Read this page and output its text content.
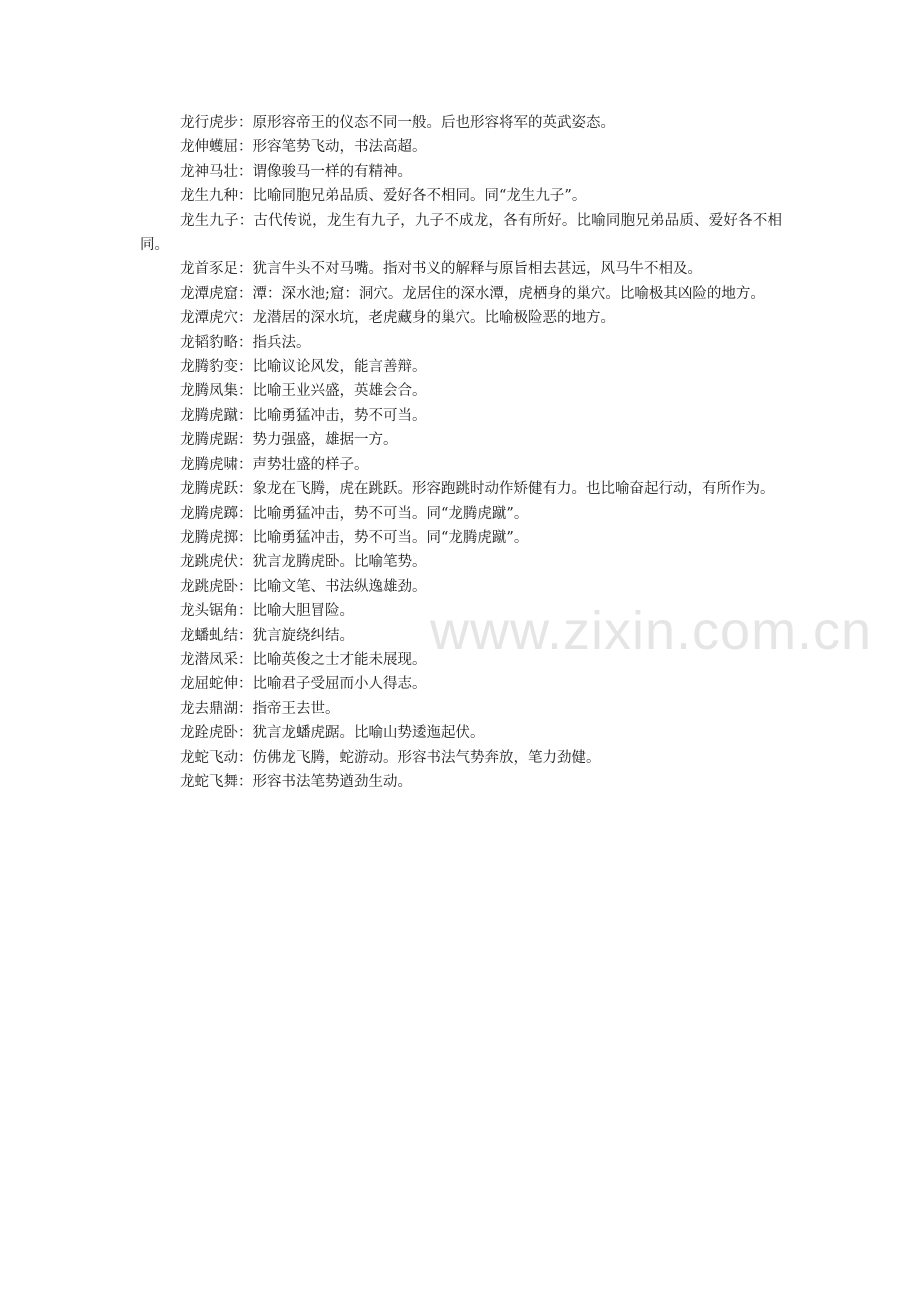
龙行虎步：原形容帝王的仪态不同一般。后也形容将军的英武姿态。

龙伸蠖屈：形容笔势飞动，书法高超。

龙神马壮：谓像骏马一样的有精神。

龙生九种：比喻同胞兄弟品质、爱好各不相同。同“龙生九子”。

龙生九子：古代传说，龙生有九子，九子不成龙，各有所好。比喻同胞兄弟品质、爱好各不相同。

龙首豕足：犹言牛头不对马嘴。指对书义的解释与原旨相去甚远，风马牛不相及。

龙潭虎窟：潭：深水池;窟：洞穴。龙居住的深水潭，虎栖身的巢穴。比喻极其凶险的地方。

龙潭虎穴：龙潜居的深水坑，老虎藏身的巢穴。比喻极险恶的地方。

龙韬豹略：指兵法。

龙腾豹变：比喻议论风发，能言善辩。

龙腾凤集：比喻王业兴盛，英雄会合。

龙腾虎蹴：比喻勇猛冲击，势不可当。

龙腾虎踞：势力强盛，雄据一方。

龙腾虎啸：声势壮盛的样子。

龙腾虎跃：象龙在飞腾，虎在跳跃。形容跑跳时动作矫健有力。也比喻奋起行动，有所作为。

龙腾虎踯：比喻勇猛冲击，势不可当。同“龙腾虎蹴”。

龙腾虎掷：比喻勇猛冲击，势不可当。同“龙腾虎蹴”。

龙跳虎伏：犹言龙腾虎卧。比喻笔势。

龙跳虎卧：比喻文笔、书法纵逸雄劲。

龙头锯角：比喻大胆冒险。

龙蟠虬结：犹言旋绕纠结。

龙潜凤采：比喻英俊之士才能未展现。

龙屈蛇伸：比喻君子受屈而小人得志。

龙去鼎湖：指帝王去世。

龙跧虎卧：犹言龙蟠虎踞。比喻山势逶迤起伏。

龙蛇飞动：仿佛龙飞腾，蛇游动。形容书法气势奔放，笔力劲健。

龙蛇飞舞：形容书法笔势遒劲生动。

www.zixin.com.cn
